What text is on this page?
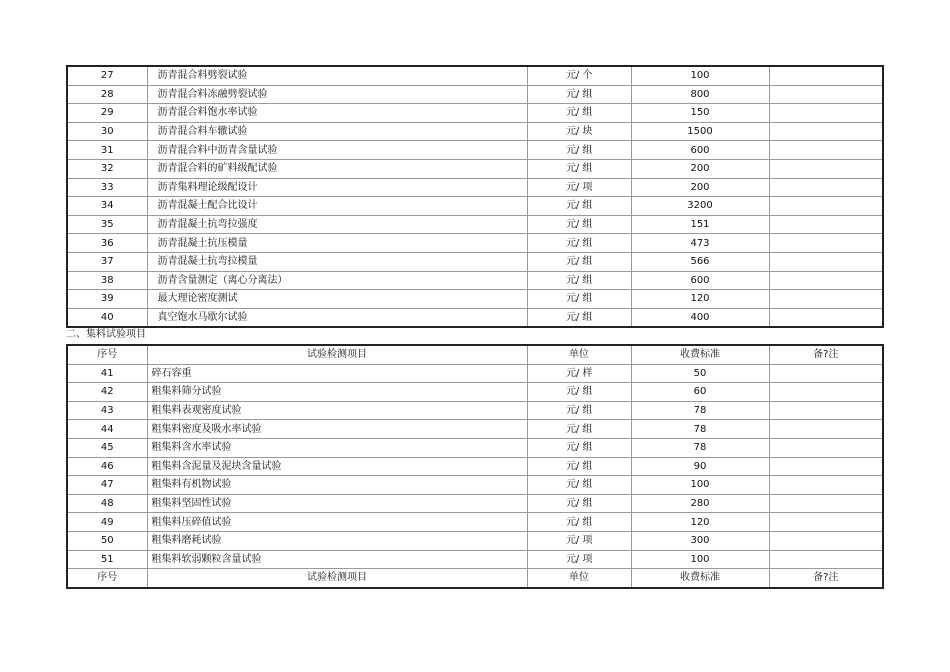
27	沥青混合料劈裂试验	元/ 个	100	
28	沥青混合料冻融劈裂试验	元/ 组	800	
29	沥青混合料饱水率试验	元/ 组	150	
30	沥青混合料车辙试验	元/ 块	1500	
31	沥青混合料中沥青含量试验	元/ 组	600	
32	沥青混合料的矿料级配试验	元/ 组	200	
33	沥青集料理论级配设计	元/ 项	200	
34	沥青混凝土配合比设计	元/ 组	3200	
35	沥青混凝土抗弯拉强度	元/ 组	151	
36	沥青混凝土抗压模量	元/ 组	473	
37	沥青混凝土抗弯拉模量	元/ 组	566	
38	沥青含量测定（离心分离法）	元/ 组	600	
39	最大理论密度测试	元/ 组	120	
40	真空饱水马歇尔试验	元/ 组	400	
二、集料试验项目
序号	试验检测项目	单位	收费标准	备?注
41	碎石容重	元/ 样	50	
42	粗集料筛分试验	元/ 组	60	
43	粗集料表观密度试验	元/ 组	78	
44	粗集料密度及吸水率试验	元/ 组	78	
45	粗集料含水率试验	元/ 组	78	
46	粗集料含泥量及泥块含量试验	元/ 组	90	
47	粗集料有机物试验	元/ 组	100	
48	粗集料坚固性试验	元/ 组	280	
49	粗集料压碎值试验	元/ 组	120	
50	粗集料磨耗试验	元/ 项	300	
51	粗集料软弱颗粒含量试验	元/ 项	100	
序号	试验检测项目	单位	收费标准	备?注
